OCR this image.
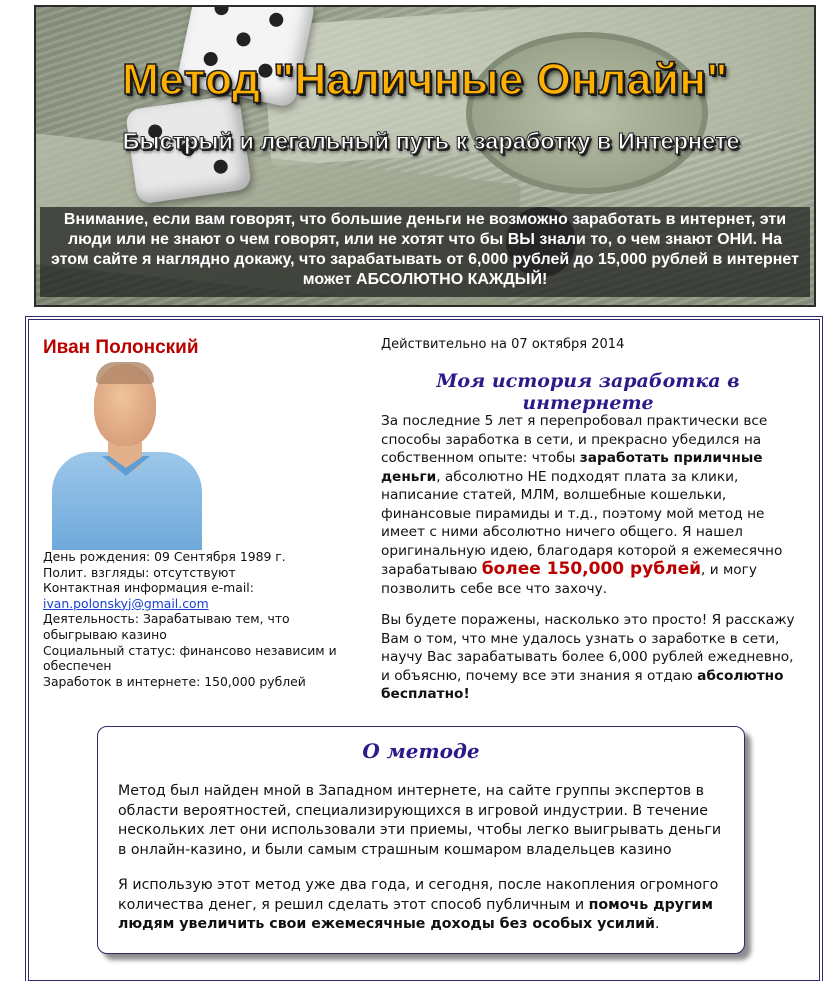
Метод "Наличные Онлайн"
Быстрый и легальный путь к заработку в Интернете

Внимание, если вам говорят, что большие деньги не возможно заработать в интернет, эти люди или не знают о чем говорят, или не хотят что бы ВЫ знали то, о чем знают ОНИ. На этом сайте я наглядно докажу, что зарабатывать от 6,000 рублей до 15,000 рублей в интернет может АБСОЛЮТНО КАЖДЫЙ!

Иван Полонский
День рождения: 09 Сентября 1989 г.
Полит. взгляды: отсутствуют
Контактная информация e-mail:
ivan.polonskyj@gmail.com
Деятельность: Зарабатываю тем, что обыгрываю казино
Социальный статус: финансово независим и обеспечен
Заработок в интернете: 150,000 рублей
Действительно на 07 октября 2014
Моя история заработка в интернете

За последние 5 лет я перепробовал практически все способы заработка в сети, и прекрасно убедился на собственном опыте: чтобы заработать приличные деньги, абсолютно НЕ подходят плата за клики, написание статей, МЛМ, волшебные кошельки, финансовые пирамиды и т.д., поэтому мой метод не имеет с ними абсолютно ничего общего. Я нашел оригинальную идею, благодаря которой я ежемесячно зарабатываю более 150,000 рублей, и могу позволить себе все что захочу.

Вы будете поражены, насколько это просто! Я расскажу Вам о том, что мне удалось узнать о заработке в сети, научу Вас зарабатывать более 6,000 рублей ежедневно, и объясню, почему все эти знания я отдаю абсолютно бесплатно!

О методе

Метод был найден мной в Западном интернете, на сайте группы экспертов в области вероятностей, специализирующихся в игровой индустрии. В течение нескольких лет они использовали эти приемы, чтобы легко выигрывать деньги в онлайн-казино, и были самым страшным кошмаром владельцев казино

Я использую этот метод уже два года, и сегодня, после накопления огромного количества денег, я решил сделать этот способ публичным и помочь другим людям увеличить свои ежемесячные доходы без особых усилий.
